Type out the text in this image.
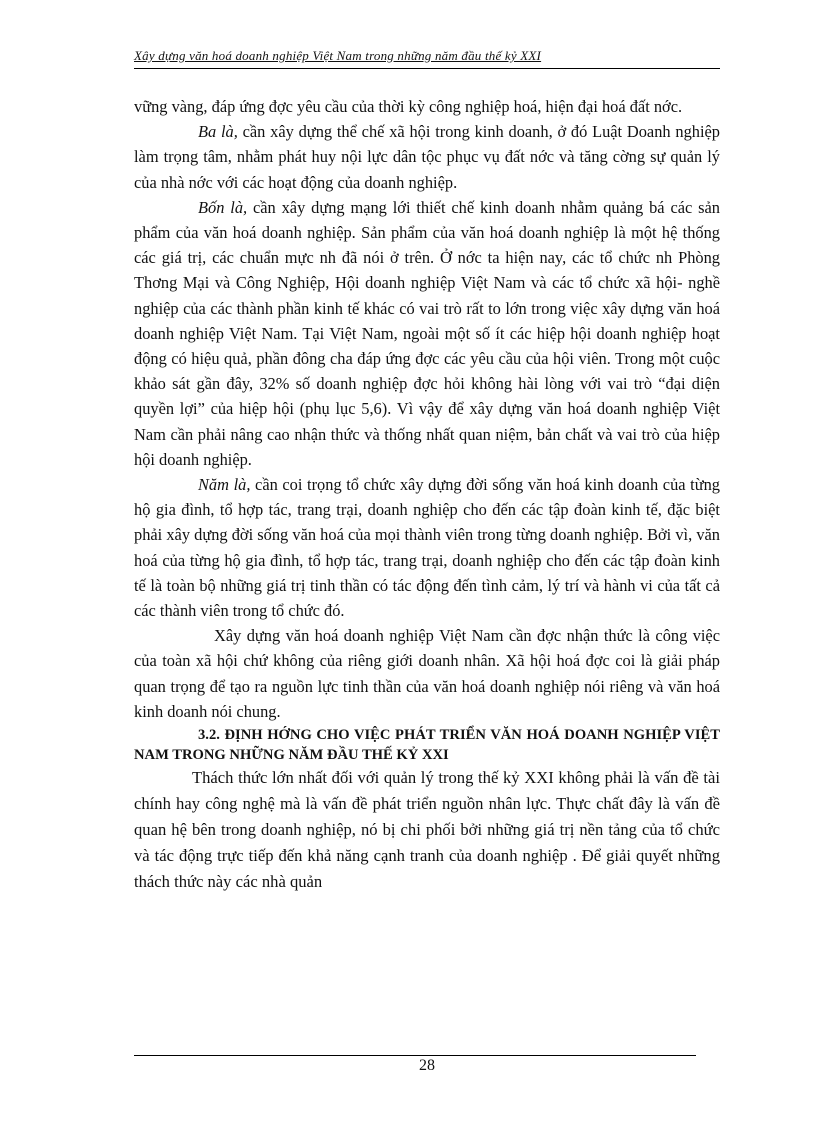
Xây dựng văn hoá doanh nghiệp Việt Nam trong những năm đầu thế kỷ XXI

vững vàng, đáp ứng đợc yêu cầu của thời kỳ công nghiệp hoá, hiện đại hoá đất nớc.

Ba là, cần xây dựng thể chế xã hội trong kinh doanh, ở đó Luật Doanh nghiệp làm trọng tâm, nhằm phát huy nội lực dân tộc phục vụ đất nớc và tăng cờng sự quản lý của nhà nớc với các hoạt động của doanh nghiệp.

Bốn là, cần xây dựng mạng lới thiết chế kinh doanh nhằm quảng bá các sản phẩm của văn hoá doanh nghiệp. Sản phẩm của văn hoá doanh nghiệp là một hệ thống các giá trị, các chuẩn mực nh đã nói ở trên. Ở nớc ta hiện nay, các tổ chức nh Phòng Thơng Mại và Công Nghiệp, Hội doanh nghiệp Việt Nam và các tổ chức xã hội- nghề nghiệp của các thành phần kinh tế khác có vai trò rất to lớn trong việc xây dựng văn hoá doanh nghiệp Việt Nam. Tại Việt Nam, ngoài một số ít các hiệp hội doanh nghiệp hoạt động có hiệu quả, phần đông cha đáp ứng đợc các yêu cầu của hội viên. Trong một cuộc khảo sát gần đây, 32% số doanh nghiệp đợc hỏi không hài lòng với vai trò “đại diện quyền lợi” của hiệp hội (phụ lục 5,6). Vì vậy để xây dựng văn hoá doanh nghiệp Việt Nam cần phải nâng cao nhận thức và thống nhất quan niệm, bản chất và vai trò của hiệp hội doanh nghiệp.

Năm là, cần coi trọng tổ chức xây dựng đời sống văn hoá kinh doanh của từng hộ gia đình, tổ hợp tác, trang trại, doanh nghiệp cho đến các tập đoàn kinh tế, đặc biệt phải xây dựng đời sống văn hoá của mọi thành viên trong từng doanh nghiệp. Bởi vì, văn hoá của từng hộ gia đình, tổ hợp tác, trang trại, doanh nghiệp cho đến các tập đoàn kinh tế là toàn bộ những giá trị tinh thần có tác động đến tình cảm, lý trí và hành vi của tất cả các thành viên trong tổ chức đó.

Xây dựng văn hoá doanh nghiệp Việt Nam cần đợc nhận thức là công việc của toàn xã hội chứ không của riêng giới doanh nhân. Xã hội hoá đợc coi là giải pháp quan trọng để tạo ra nguồn lực tinh thần của văn hoá doanh nghiệp nói riêng và văn hoá kinh doanh nói chung.

3.2. ĐỊNH HỚNG CHO VIỆC PHÁT TRIỂN VĂN HOÁ DOANH NGHIỆP VIỆT NAM TRONG NHỮNG NĂM ĐẦU THẾ KỶ XXI

Thách thức lớn nhất đối với quản lý trong thế kỷ XXI không phải là vấn đề tài chính hay công nghệ mà là vấn đề phát triển nguồn nhân lực. Thực chất đây là vấn đề quan hệ bên trong doanh nghiệp, nó bị chi phối bởi những giá trị nền tảng của tổ chức và tác động trực tiếp đến khả năng cạnh tranh của doanh nghiệp . Để giải quyết những thách thức này các nhà quản

28
